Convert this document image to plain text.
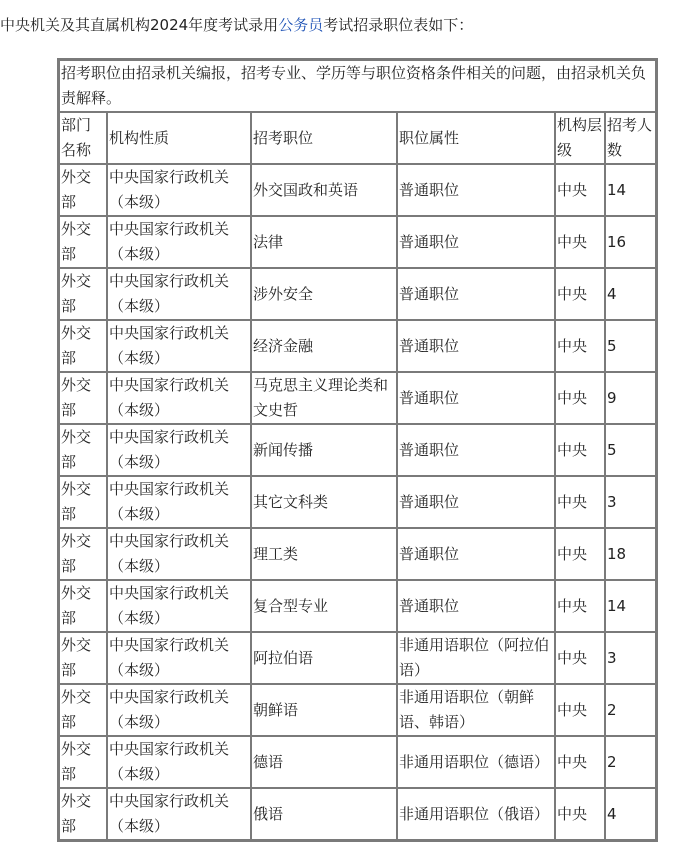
中央机关及其直属机构2024年度考试录用公务员考试招录职位表如下：

招考职位由招录机关编报，招考专业、学历等与职位资格条件相关的问题，由招录机关负责解释。					
部门名称	机构性质	招考职位	职位属性	机构层级	招考人数
外交部	中央国家行政机关（本级）	外交国政和英语	普通职位	中央	14
外交部	中央国家行政机关（本级）	法律	普通职位	中央	16
外交部	中央国家行政机关（本级）	涉外安全	普通职位	中央	4
外交部	中央国家行政机关（本级）	经济金融	普通职位	中央	5
外交部	中央国家行政机关（本级）	马克思主义理论类和文史哲	普通职位	中央	9
外交部	中央国家行政机关（本级）	新闻传播	普通职位	中央	5
外交部	中央国家行政机关（本级）	其它文科类	普通职位	中央	3
外交部	中央国家行政机关（本级）	理工类	普通职位	中央	18
外交部	中央国家行政机关（本级）	复合型专业	普通职位	中央	14
外交部	中央国家行政机关（本级）	阿拉伯语	非通用语职位（阿拉伯语）	中央	3
外交部	中央国家行政机关（本级）	朝鲜语	非通用语职位（朝鲜语、韩语）	中央	2
外交部	中央国家行政机关（本级）	德语	非通用语职位（德语）	中央	2
外交部	中央国家行政机关（本级）	俄语	非通用语职位（俄语）	中央	4
